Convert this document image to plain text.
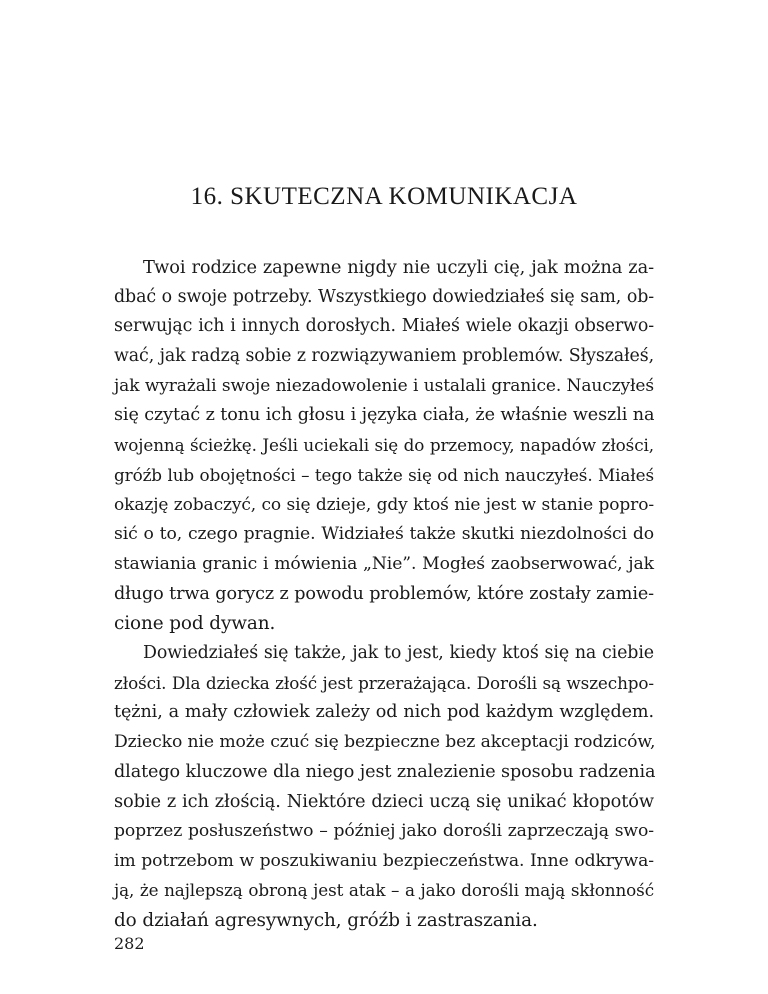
16. SKUTECZNA KOMUNIKACJA
Twoi rodzice zapewne nigdy nie uczyli cię, jak można za-
dbać o swoje potrzeby. Wszystkiego dowiedziałeś się sam, ob-
serwując ich i innych dorosłych. Miałeś wiele okazji obserwo-
wać, jak radzą sobie z rozwiązywaniem problemów. Słyszałeś,
jak wyrażali swoje niezadowolenie i ustalali granice. Nauczyłeś
się czytać z tonu ich głosu i języka ciała, że właśnie weszli na
wojenną ścieżkę. Jeśli uciekali się do przemocy, napadów złości,
gróźb lub obojętności – tego także się od nich nauczyłeś. Miałeś
okazję zobaczyć, co się dzieje, gdy ktoś nie jest w stanie popro-
sić o to, czego pragnie. Widziałeś także skutki niezdolności do
stawiania granic i mówienia „Nie”. Mogłeś zaobserwować, jak
długo trwa gorycz z powodu problemów, które zostały zamie-
cione pod dywan.
Dowiedziałeś się także, jak to jest, kiedy ktoś się na ciebie
złości. Dla dziecka złość jest przerażająca. Dorośli są wszechpo-
tężni, a mały człowiek zależy od nich pod każdym względem.
Dziecko nie może czuć się bezpieczne bez akceptacji rodziców,
dlatego kluczowe dla niego jest znalezienie sposobu radzenia
sobie z ich złością. Niektóre dzieci uczą się unikać kłopotów
poprzez posłuszeństwo – później jako dorośli zaprzeczają swo-
im potrzebom w poszukiwaniu bezpieczeństwa. Inne odkrywa-
ją, że najlepszą obroną jest atak – a jako dorośli mają skłonność
do działań agresywnych, gróźb i zastraszania.
282
